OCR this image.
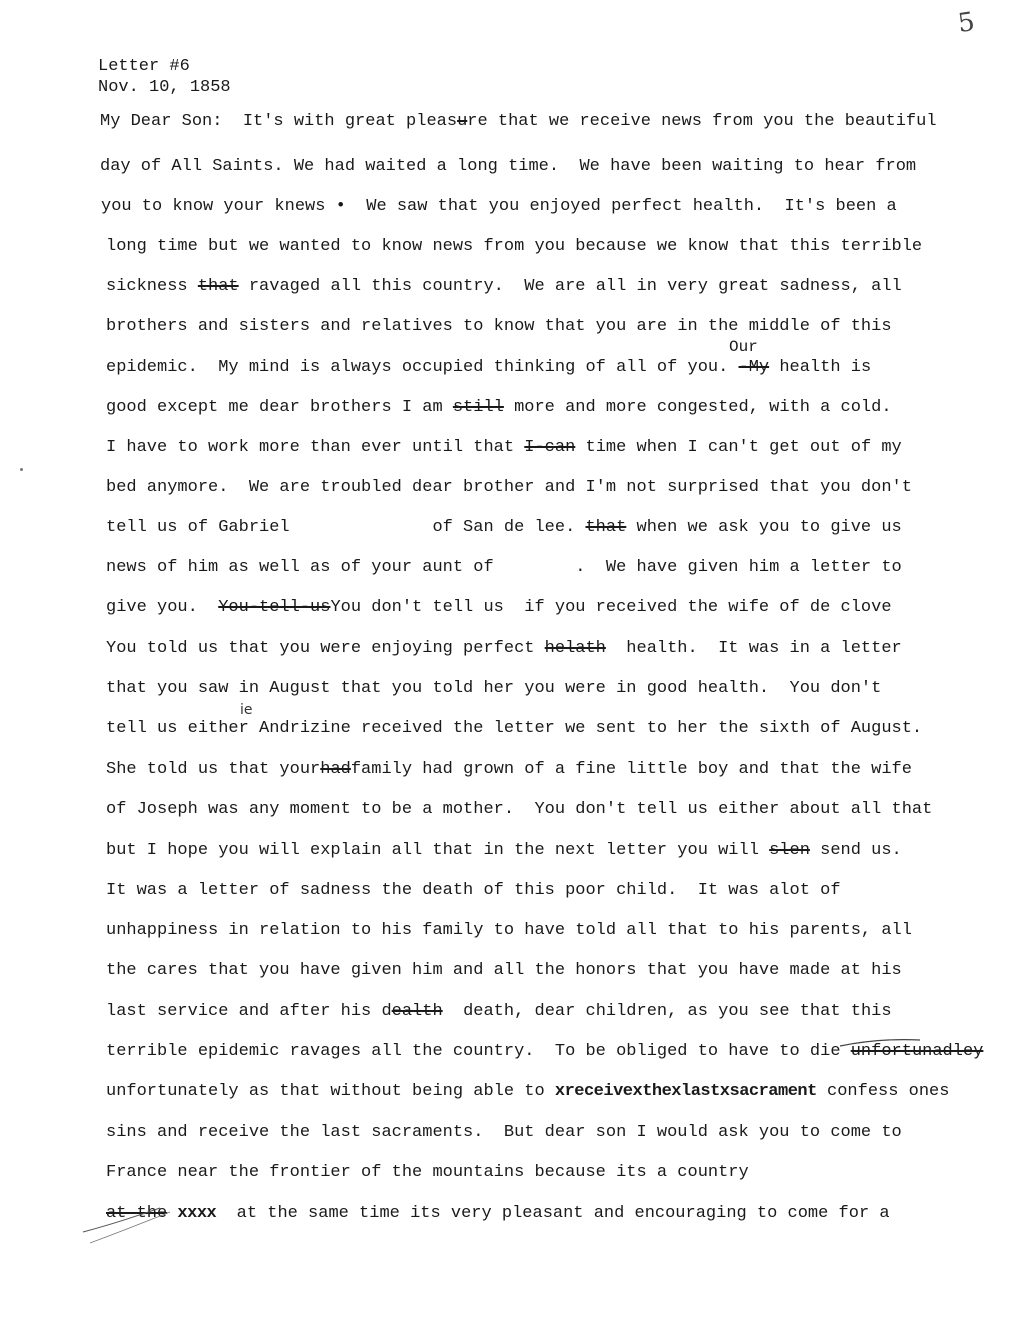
5
Letter #6
Nov. 10, 1858
Our
ie
My Dear Son:  It's with great pleasure that we receive news from you the beautiful
day of All Saints. We had waited a long time.  We have been waiting to hear from
you to know your knews •  We saw that you enjoyed perfect health.  It's been a
long time but we wanted to know news from you because we know that this terrible
sickness that ravaged all this country.  We are all in very great sadness, all
brothers and sisters and relatives to know that you are in the middle of this
epidemic.  My mind is always occupied thinking of all of you. -My health is
good except me dear brothers I am still more and more congested, with a cold.
I have to work more than ever until that I-can time when I can't get out of my
bed anymore.  We are troubled dear brother and I'm not surprised that you don't
tell us of Gabriel              of San de lee. that when we ask you to give us
news of him as well as of your aunt of        .  We have given him a letter to
give you.  You-tell-usYou don't tell us  if you received the wife of de clove
You told us that you were enjoying perfect helath  health.  It was in a letter
that you saw in August that you told her you were in good health.  You don't
tell us either Andrizine received the letter we sent to her the sixth of August.
She told us that yourhadfamily had grown of a fine little boy and that the wife
of Joseph was any moment to be a mother.  You don't tell us either about all that
but I hope you will explain all that in the next letter you will slen send us.
It was a letter of sadness the death of this poor child.  It was alot of
unhappiness in relation to his family to have told all that to his parents, all
the cares that you have given him and all the honors that you have made at his
last service and after his dealth  death, dear children, as you see that this
terrible epidemic ravages all the country.  To be obliged to have to die unfortunadley
unfortunately as that without being able to xreceivexthexlastxsacrament confess ones
sins and receive the last sacraments.  But dear son I would ask you to come to
France near the frontier of the mountains because its a country
at the xxxx  at the same time its very pleasant and encouraging to come for a
